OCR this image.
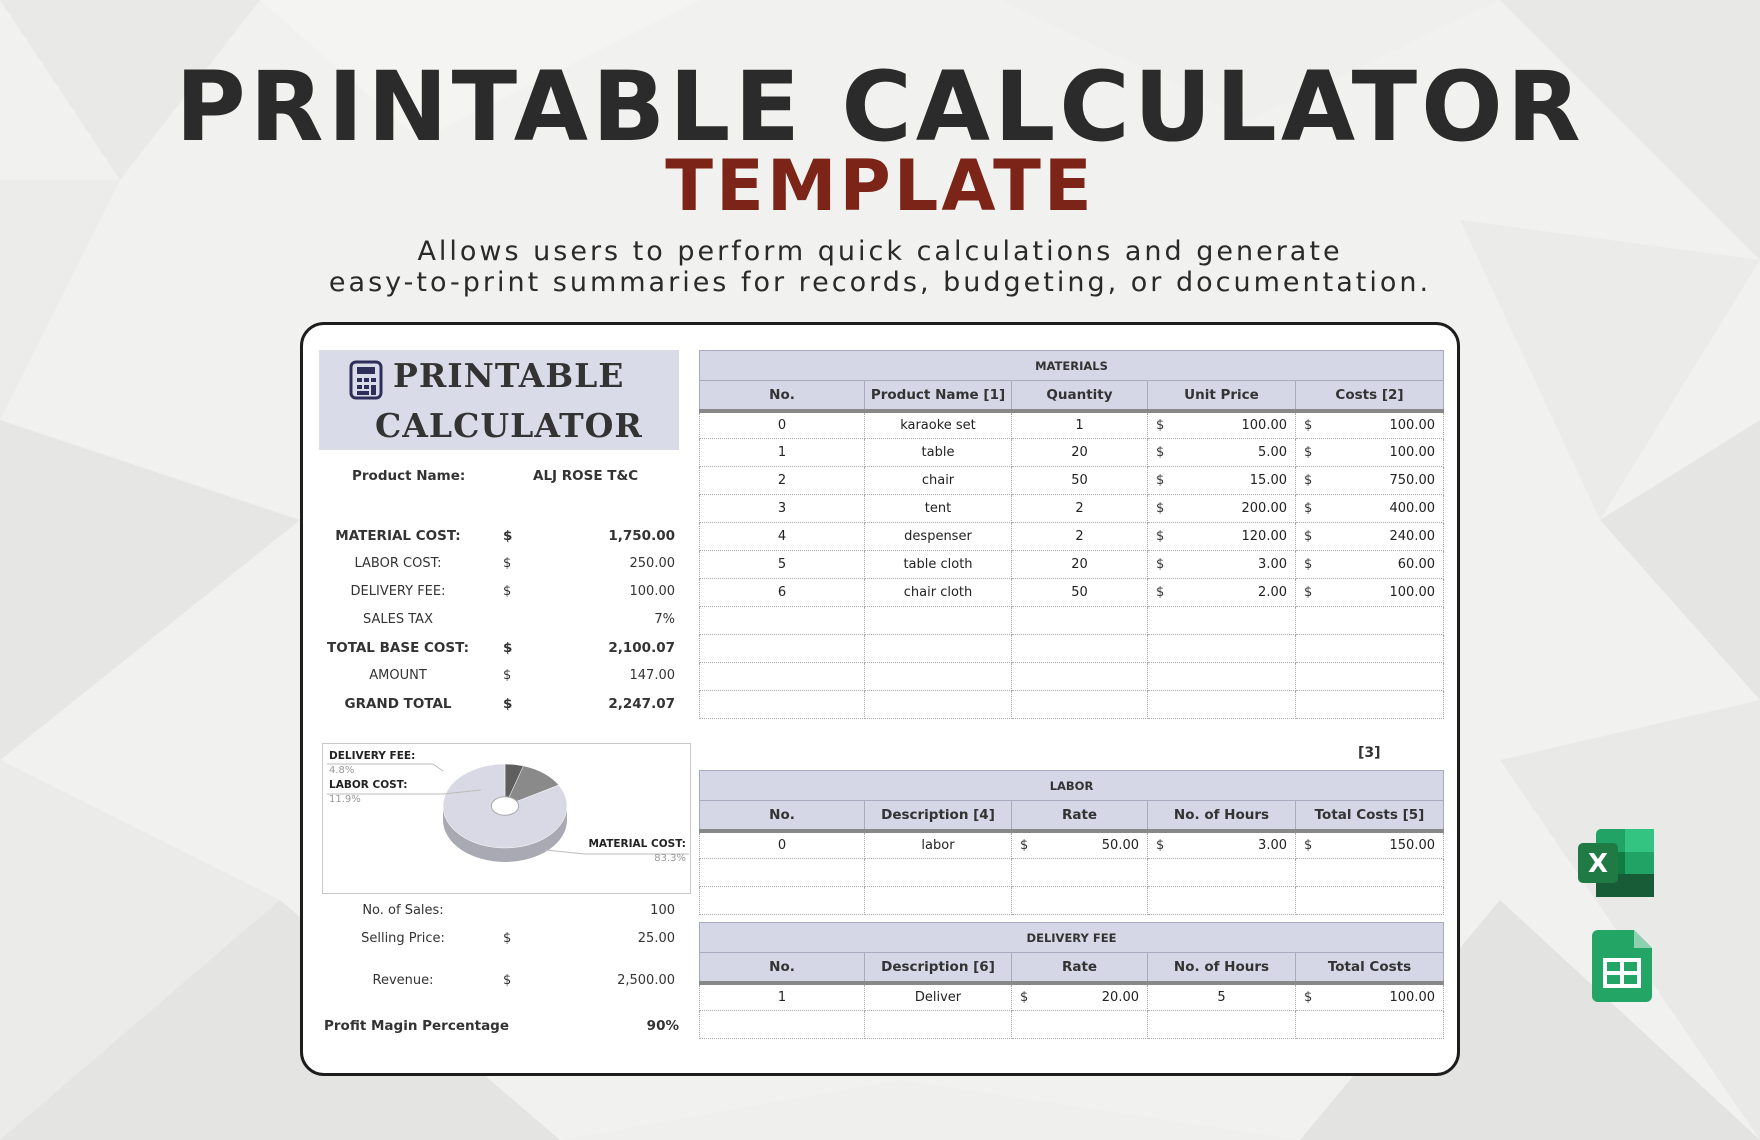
PRINTABLE CALCULATOR
TEMPLATE
Allows users to perform quick calculations and generate
easy-to-print summaries for records, budgeting, or documentation.
PRINTABLE
CALCULATOR
Product Name:	ALJ ROSE T&C
MATERIAL COST:	$	1,750.00
LABOR COST:	$	250.00
DELIVERY FEE:	$	100.00
SALES TAX	7%
TOTAL BASE COST:	$	2,100.07
AMOUNT	$	147.00
GRAND TOTAL	$	2,247.07
DELIVERY FEE:
4.8%
LABOR COST:
11.9%
MATERIAL COST:
83.3%
No. of Sales:	100
Selling Price:	$	25.00
Revenue:	$	2,500.00
Profit Magin Percentage	90%
MATERIALS				
No.	Product Name [1]	Quantity	Unit Price	Costs [2]
0	karaoke set	1	$ 100.00	$ 100.00

1	table	20	$ 5.00	$ 100.00

2	chair	50	$ 15.00	$ 750.00

3	tent	2	$ 200.00	$ 400.00

4	despenser	2	$ 120.00	$ 240.00

5	table cloth	20	$ 3.00	$ 60.00

6	chair cloth	50	$ 2.00	$ 100.00

[3]
LABOR				
No.	Description [4]	Rate	No. of Hours	Total Costs [5]
0	labor	$ 50.00	$ 3.00	$ 150.00

DELIVERY FEE				
No.	Description [6]	Rate	No. of Hours	Total Costs
1	Deliver	$ 20.00	5	$ 100.00

X
